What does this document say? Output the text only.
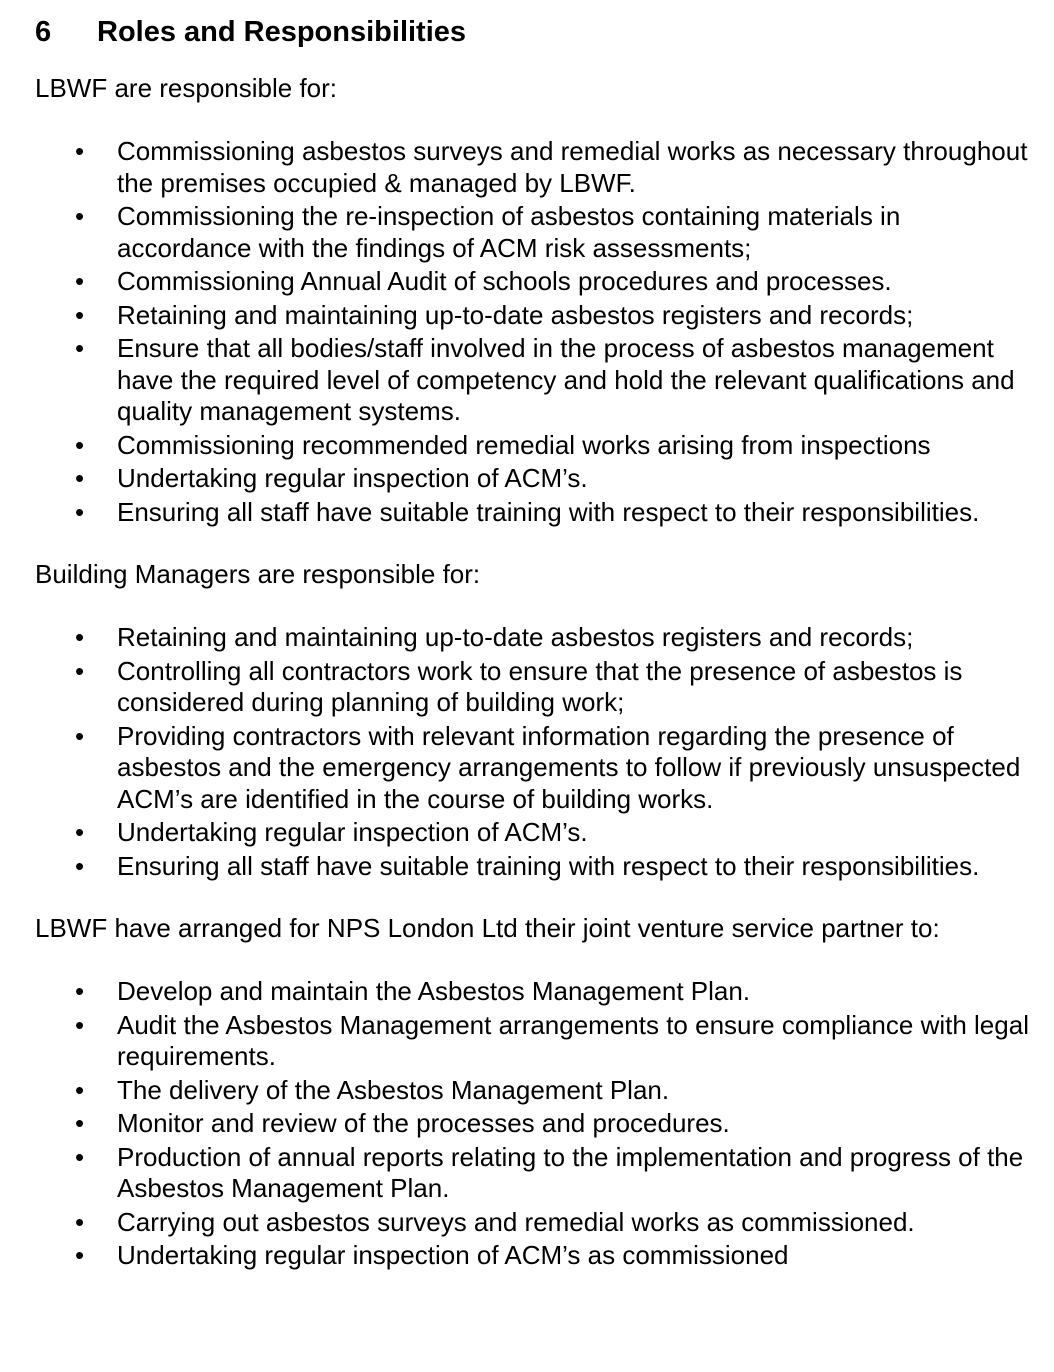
6	Roles and Responsibilities

LBWF are responsible for:

• Commissioning asbestos surveys and remedial works as necessary throughout the premises occupied & managed by LBWF.
• Commissioning the re-inspection of asbestos containing materials in accordance with the findings of ACM risk assessments;
• Commissioning Annual Audit of schools procedures and processes.
• Retaining and maintaining up-to-date asbestos registers and records;
• Ensure that all bodies/staff involved in the process of asbestos management have the required level of competency and hold the relevant qualifications and quality management systems.
• Commissioning recommended remedial works arising from inspections
• Undertaking regular inspection of ACM’s.
• Ensuring all staff have suitable training with respect to their responsibilities.

Building Managers are responsible for:

• Retaining and maintaining up-to-date asbestos registers and records;
• Controlling all contractors work to ensure that the presence of asbestos is considered during planning of building work;
• Providing contractors with relevant information regarding the presence of asbestos and the emergency arrangements to follow if previously unsuspected ACM’s are identified in the course of building works.
• Undertaking regular inspection of ACM’s.
• Ensuring all staff have suitable training with respect to their responsibilities.

LBWF have arranged for NPS London Ltd their joint venture service partner to:

• Develop and maintain the Asbestos Management Plan.
• Audit the Asbestos Management arrangements to ensure compliance with legal requirements.
• The delivery of the Asbestos Management Plan.
• Monitor and review of the processes and procedures.
• Production of annual reports relating to the implementation and progress of the Asbestos Management Plan.
• Carrying out asbestos surveys and remedial works as commissioned.
• Undertaking regular inspection of ACM’s as commissioned
